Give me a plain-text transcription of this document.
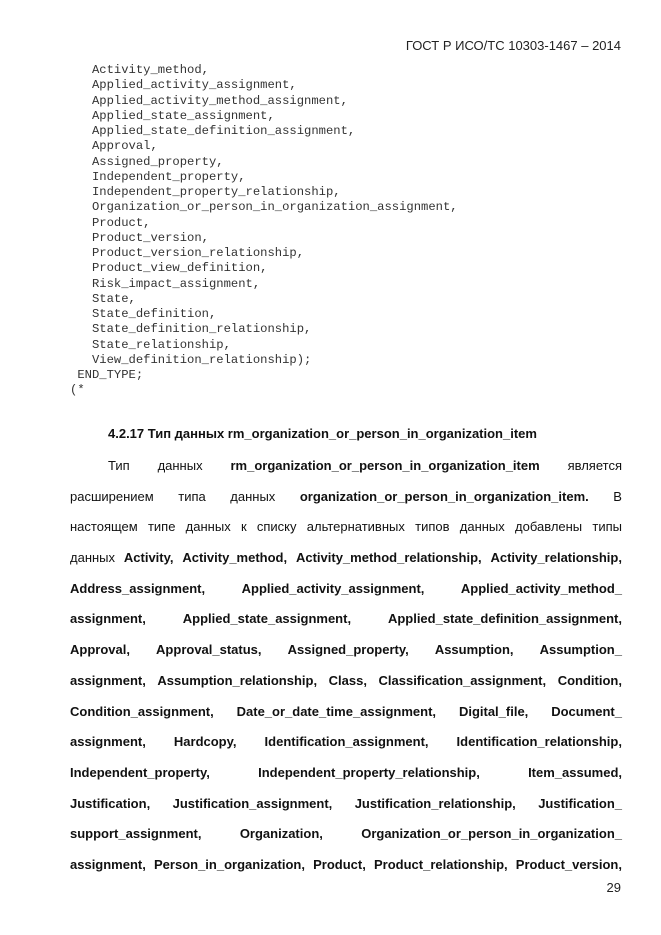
ГОСТ Р ИСО/ТС 10303-1467 – 2014
Activity_method,
Applied_activity_assignment,
Applied_activity_method_assignment,
Applied_state_assignment,
Applied_state_definition_assignment,
Approval,
Assigned_property,
Independent_property,
Independent_property_relationship,
Organization_or_person_in_organization_assignment,
Product,
Product_version,
Product_version_relationship,
Product_view_definition,
Risk_impact_assignment,
State,
State_definition,
State_definition_relationship,
State_relationship,
View_definition_relationship);
END_TYPE;
(*
4.2.17 Тип данных rm_organization_or_person_in_organization_item
Тип данных rm_organization_or_person_in_organization_item является
расширением типа данных organization_or_person_in_organization_item. В
настоящем типе данных к списку альтернативных типов данных добавлены типы
данных Activity, Activity_method, Activity_method_relationship, Activity_relationship,
Address_assignment,	Applied_activity_assignment,	Applied_activity_method_
assignment,	Applied_state_assignment,	Applied_state_definition_assignment,
Approval, Approval_status, Assigned_property, Assumption, Assumption_
assignment, Assumption_relationship, Class, Classification_assignment, Condition,
Condition_assignment, Date_or_date_time_assignment, Digital_file, Document_
assignment, Hardcopy, Identification_assignment, Identification_relationship,
Independent_property,	Independent_property_relationship,	Item_assumed,
Justification, Justification_assignment, Justification_relationship, Justification_
support_assignment,	Organization,	Organization_or_person_in_organization_
assignment, Person_in_organization, Product, Product_relationship, Product_version,
29
